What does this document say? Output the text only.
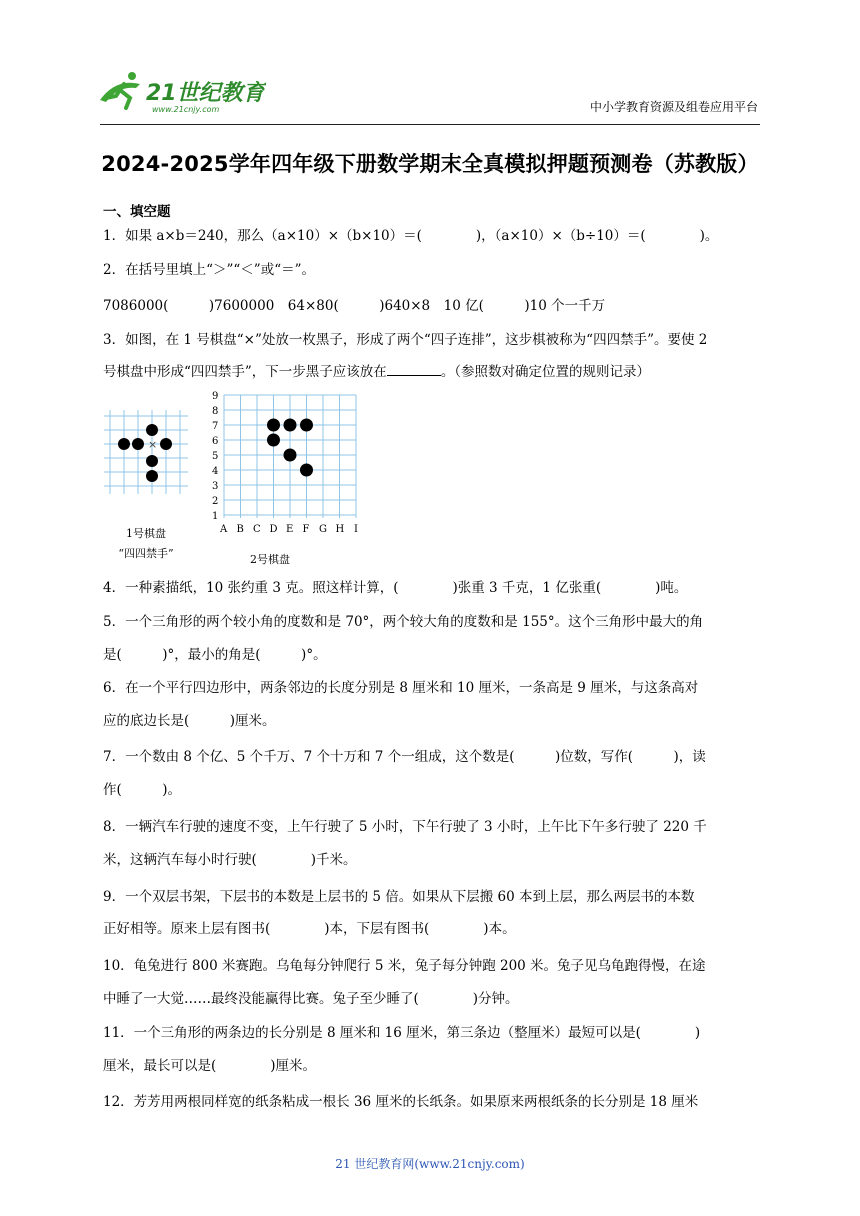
21世纪教育
www.21cnjy.com	中小学教育资源及组卷应用平台
2024-2025学年四年级下册数学期末全真模拟押题预测卷（苏教版）
一、填空题
1．如果 a×b＝240，那么（a×10）×（b×10）＝(　　　　)，（a×10）×（b÷10）＝(　　　　)。
2．在括号里填上“＞”“＜”或“＝”。
7086000(　　　)7600000　64×80(　　　)640×8　10 亿(　　　)10 个一千万
3．如图，在 1 号棋盘“×”处放一枚黑子，形成了两个“四子连排”，这步棋被称为“四四禁手”。要使 2
号棋盘中形成“四四禁手”，下一步黑子应该放在	。（参照数对确定位置的规则记录）
×
1号棋盘
“四四禁手”
9
8
7
6
5
4
3
2
1
A B C D E F G H I
2号棋盘
4．一种素描纸，10 张约重 3 克。照这样计算，(　　　　)张重 3 千克，1 亿张重(　　　　)吨。
5．一个三角形的两个较小角的度数和是 70°，两个较大角的度数和是 155°。这个三角形中最大的角
是(　　　)°，最小的角是(　　　)°。
6．在一个平行四边形中，两条邻边的长度分别是 8 厘米和 10 厘米，一条高是 9 厘米，与这条高对
应的底边长是(　　　)厘米。
7．一个数由 8 个亿、5 个千万、7 个十万和 7 个一组成，这个数是(　　　)位数，写作(　　　)，读
作(　　　)。
8．一辆汽车行驶的速度不变，上午行驶了 5 小时，下午行驶了 3 小时，上午比下午多行驶了 220 千
米，这辆汽车每小时行驶(　　　　)千米。
9．一个双层书架，下层书的本数是上层书的 5 倍。如果从下层搬 60 本到上层，那么两层书的本数
正好相等。原来上层有图书(　　　　)本，下层有图书(　　　　)本。
10．龟兔进行 800 米赛跑。乌龟每分钟爬行 5 米，兔子每分钟跑 200 米。兔子见乌龟跑得慢，在途
中睡了一大觉……最终没能赢得比赛。兔子至少睡了(　　　　)分钟。
11．一个三角形的两条边的长分别是 8 厘米和 16 厘米，第三条边（整厘米）最短可以是(　　　　)
厘米，最长可以是(　　　　)厘米。
12．芳芳用两根同样宽的纸条粘成一根长 36 厘米的长纸条。如果原来两根纸条的长分别是 18 厘米
21 世纪教育网(www.21cnjy.com)
